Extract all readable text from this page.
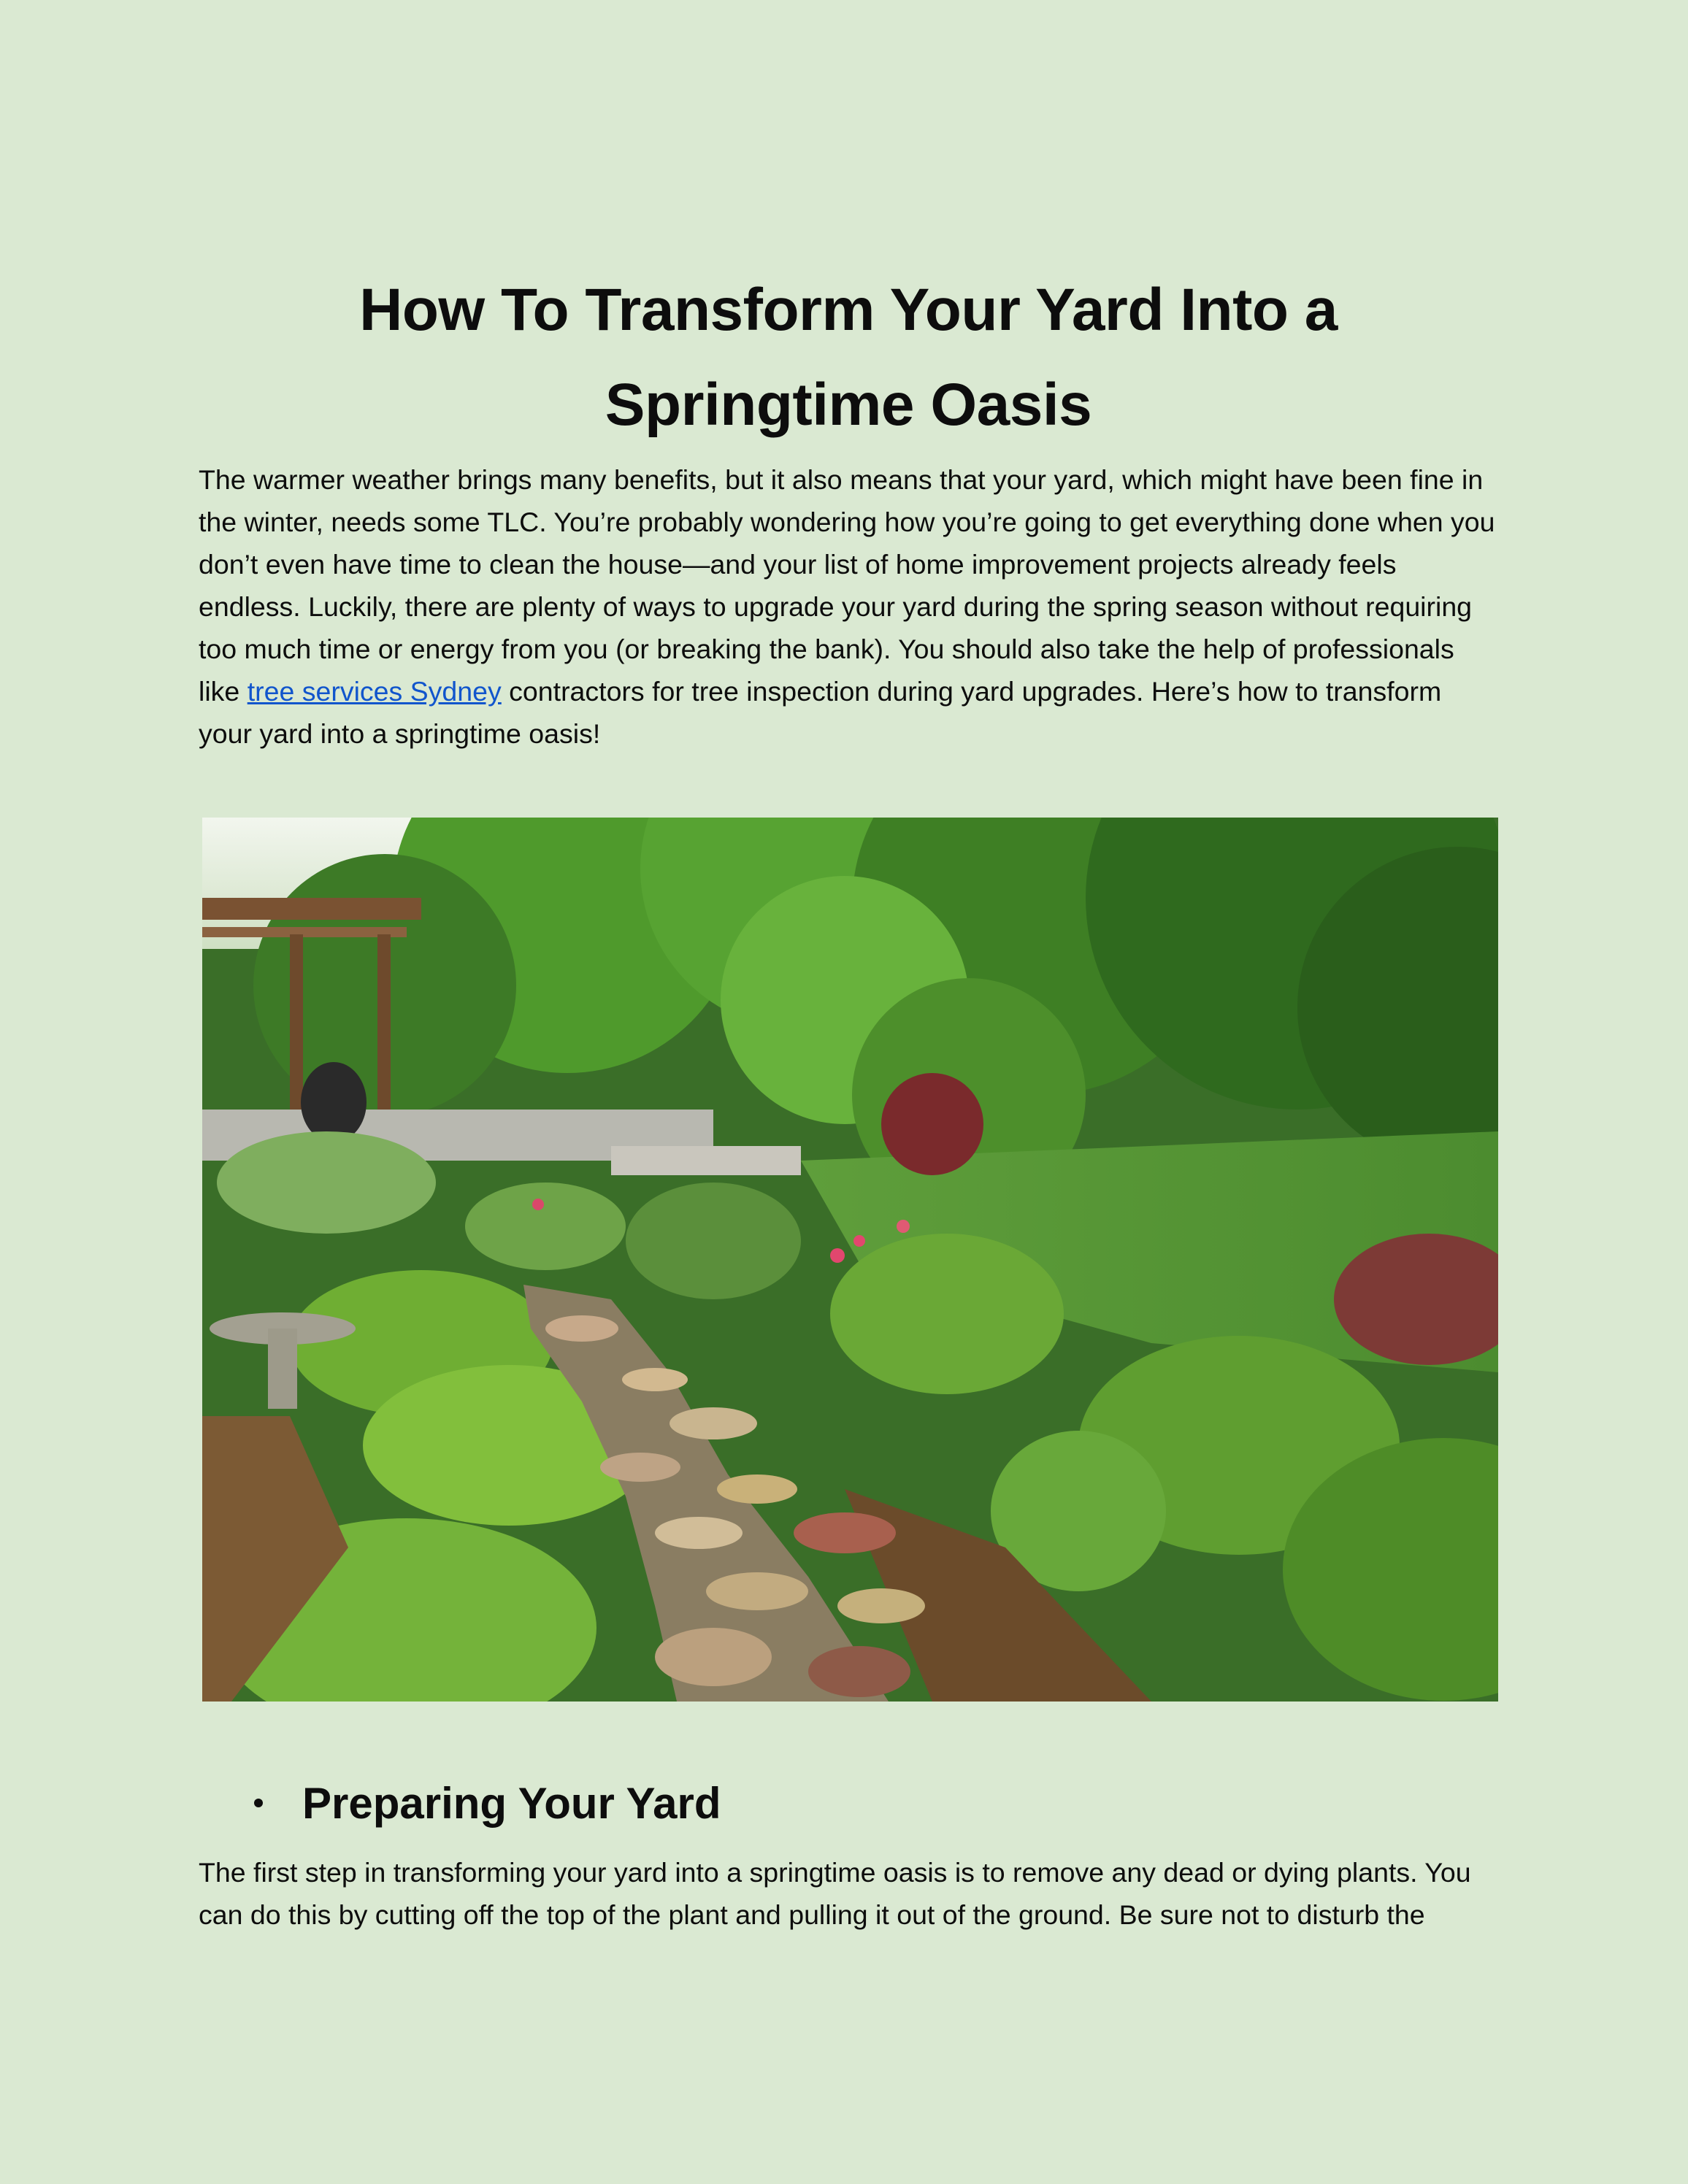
How To Transform Your Yard Into a Springtime Oasis

The warmer weather brings many benefits, but it also means that your yard, which might have been fine in the winter, needs some TLC. You’re probably wondering how you’re going to get everything done when you don’t even have time to clean the house—and your list of home improvement projects already feels endless. Luckily, there are plenty of ways to upgrade your yard during the spring season without requiring too much time or energy from you (or breaking the bank). You should also take the help of professionals like tree services Sydney contractors for tree inspection during yard upgrades. Here’s how to transform your yard into a springtime oasis!

Preparing Your Yard

The first step in transforming your yard into a springtime oasis is to remove any dead or dying plants. You can do this by cutting off the top of the plant and pulling it out of the ground. Be sure not to disturb the
